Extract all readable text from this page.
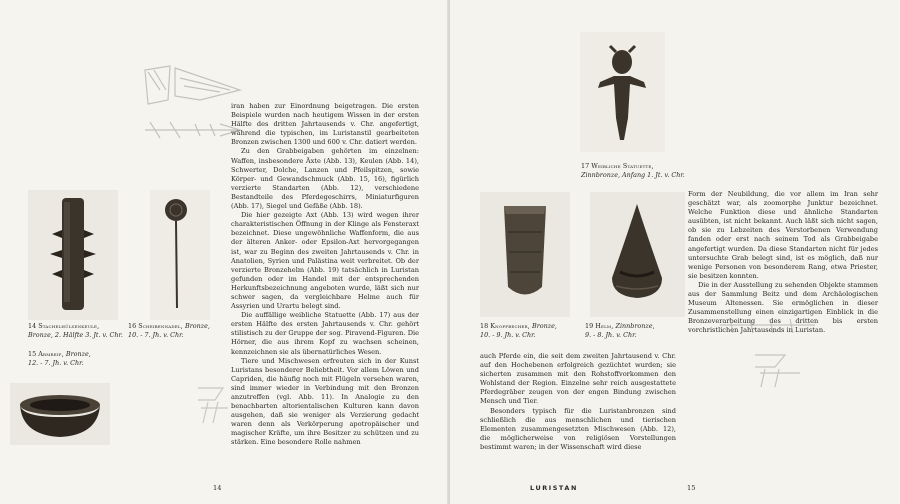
14 Stachelhülsenkeule,
Bronze, 2. Hälfte 3. Jt. v. Chr.
16 Scheibennadel, Bronze,
10. - 7. Jh. v. Chr.
15 Armreif, Bronze,
12. - 7. Jh. v. Chr.

iran haben zur Einordnung beigetragen. Die ersten Beispiele wurden nach heutigem Wissen in der ersten Hälfte des dritten Jahrtausends v. Chr. angefertigt, während die typischen, im Luristanstil gearbeiteten Bronzen zwischen 1300 und 600 v. Chr. datiert werden.

Zu den Grabbeigaben gehörten im einzelnen: Waffen, insbesondere Äxte (Abb. 13), Keulen (Abb. 14), Schwerter, Dolche, Lanzen und Pfeilspitzen, sowie Körper- und Gewandschmuck (Abb. 15, 16), figürlich verzierte Standarten (Abb. 12), verschiedene Bestandteile des Pferdegeschirrs, Miniaturfiguren (Abb. 17), Siegel und Gefäße (Abb. 18).

Die hier gezeigte Axt (Abb. 13) wird wegen ihrer charakteristischen Öffnung in der Klinge als Fensteraxt bezeichnet. Diese ungewöhnliche Waffenform, die aus der älteren Anker- oder Epsilon-Axt hervorgegangen ist, war zu Beginn des zweiten Jahrtausends v. Chr. in Anatolien, Syrien und Palästina weit verbreitet. Ob der verzierte Bronzehelm (Abb. 19) tatsächlich in Luristan gefunden oder im Handel mit der entsprechenden Herkunftsbezeichnung angeboten wurde, läßt sich nur schwer sagen, da vergleichbare Helme auch für Assyrien und Urartu belegt sind.

Die auffällige weibliche Statuette (Abb. 17) aus der ersten Hälfte des ersten Jahrtausends v. Chr. gehört stilistisch zu der Gruppe der sog. Piravend-Figuren. Die Hörner, die aus ihrem Kopf zu wachsen scheinen, kennzeichnen sie als übernatürliches Wesen.

Tiere und Mischwesen erfreuten sich in der Kunst Luristans besonderer Beliebtheit. Vor allem Löwen und Capriden, die häufig noch mit Flügeln versehen waren, sind immer wieder in Verbindung mit den Bronzen anzutreffen (vgl. Abb. 11). In Analogie zu den benachbarten altorientalischen Kulturen kann davon ausgehen, daß sie weniger als Verzierung gedacht waren denn als Verkörperung apotropäischer und magischer Kräfte, um ihre Besitzer zu schützen und zu stärken. Eine besondere Rolle nahmen

14
17 Weibliche Statuette,
Zinnbronze, Anfang 1. Jt. v. Chr.
18 Knopfbecher, Bronze,
10. - 9. Jh. v. Chr.
19 Helm, Zinnbronze,
9. - 8. Jh. v. Chr.

Form der Neubildung, die vor allem im Iran sehr geschätzt war, als zoomorphe Junktur bezeichnet. Welche Funktion diese und ähnliche Standarten ausübten, ist nicht bekannt. Auch läßt sich nicht sagen, ob sie zu Lebzeiten des Verstorbenen Verwendung fanden oder erst nach seinem Tod als Grabbeigabe angefertigt wurden. Da diese Standarten nicht für jedes untersuchte Grab belegt sind, ist es möglich, daß nur wenige Personen von besonderem Rang, etwa Priester, sie besitzen konnten.

Die in der Ausstellung zu sehenden Objekte stammen aus der Sammlung Beitz und dem Archäologischen Museum Altenessen. Sie ermöglichen in dieser Zusammenstellung einen einzigartigen Einblick in die Bronzeverarbeitung des dritten bis ersten vorchristlichen Jahrtausends in Luristan.

auch Pferde ein, die seit dem zweiten Jahrtausend v. Chr. auf den Hochebenen erfolgreich gezüchtet wurden; sie sicherten zusammen mit den Rohstoffvorkommen den Wohlstand der Region. Einzelne sehr reich ausgestattete Pferdegräber zeugen von der engen Bindung zwischen Mensch und Tier.

Besonders typisch für die Luristanbronzen sind schließlich die aus menschlichen und tierischen Elementen zusammengesetzten Mischwesen (Abb. 12), die möglicherweise von religiösen Vorstellungen bestimmt waren; in der Wissenschaft wird diese

LURISTAN	15
